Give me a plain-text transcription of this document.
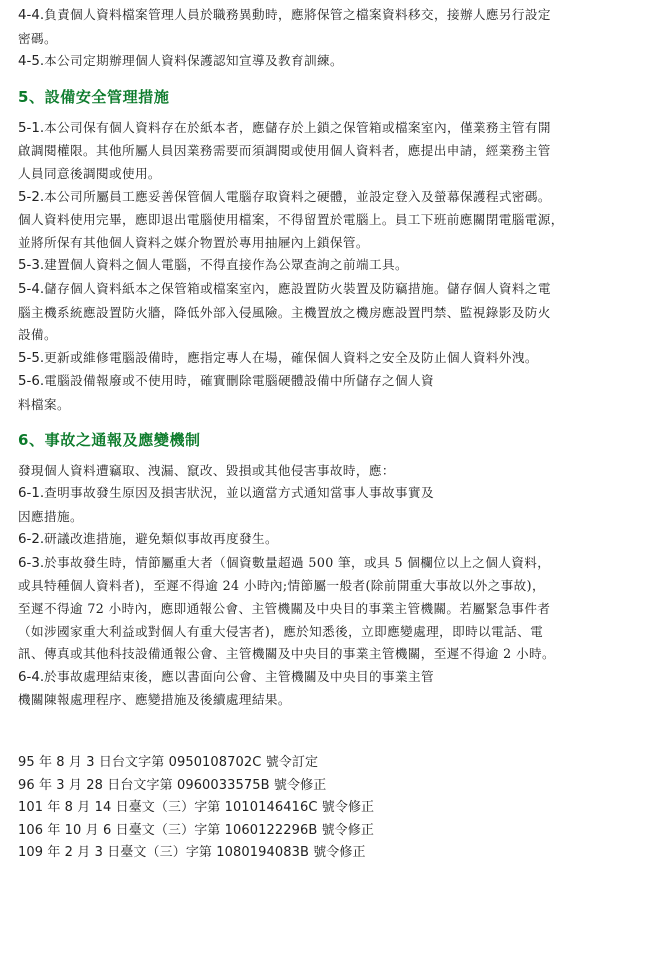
4-4.負責個人資料檔案管理人員於職務異動時，應將保管之檔案資料移交，接辦人應另行設定
密碼。

4-5.本公司定期辦理個人資料保護認知宣導及教育訓練。

5、設備安全管理措施

5-1.本公司保有個人資料存在於紙本者，應儲存於上鎖之保管箱或檔案室內，僅業務主管有開
啟調閱權限。其他所屬人員因業務需要而須調閱或使用個人資料者，應提出申請，經業務主管
人員同意後調閱或使用。

5-2.本公司所屬員工應妥善保管個人電腦存取資料之硬體，並設定登入及螢幕保護程式密碼。
個人資料使用完畢，應即退出電腦使用檔案，不得留置於電腦上。員工下班前應關閉電腦電源，
並將所保有其他個人資料之媒介物置於專用抽屜內上鎖保管。

5-3.建置個人資料之個人電腦，不得直接作為公眾查詢之前端工具。

5-4.儲存個人資料紙本之保管箱或檔案室內，應設置防火裝置及防竊措施。儲存個人資料之電
腦主機系統應設置防火牆，降低外部入侵風險。主機置放之機房應設置門禁、監視錄影及防火
設備。

5-5.更新或維修電腦設備時，應指定專人在場，確保個人資料之安全及防止個人資料外洩。

5-6.電腦設備報廢或不使用時，確實刪除電腦硬體設備中所儲存之個人資
料檔案。

6、事故之通報及應變機制

發現個人資料遭竊取、洩漏、竄改、毀損或其他侵害事故時，應：

6-1.查明事故發生原因及損害狀況，並以適當方式通知當事人事故事實及
因應措施。

6-2.研議改進措施，避免類似事故再度發生。

6-3.於事故發生時，情節屬重大者（個資數量超過 500 筆，或具 5 個欄位以上之個人資料，
或具特種個人資料者)，至遲不得逾 24 小時內;情節屬一般者(除前開重大事故以外之事故)，
至遲不得逾 72 小時內，應即通報公會、主管機關及中央目的事業主管機關。若屬緊急事件者
（如涉國家重大利益或對個人有重大侵害者)，應於知悉後，立即應變處理，即時以電話、電
訊、傳真或其他科技設備通報公會、主管機關及中央目的事業主管機關，至遲不得逾 2 小時。

6-4.於事故處理結束後，應以書面向公會、主管機關及中央目的事業主管
機關陳報處理程序、應變措施及後續處理結果。

95 年 8 月 3 日台文字第 0950108702C 號令訂定

96 年 3 月 28 日台文字第 0960033575B 號令修正

101 年 8 月 14 日臺文（三）字第 1010146416C 號令修正

106 年 10 月 6 日臺文（三）字第 1060122296B 號令修正

109 年 2 月 3 日臺文（三）字第 1080194083B 號令修正
